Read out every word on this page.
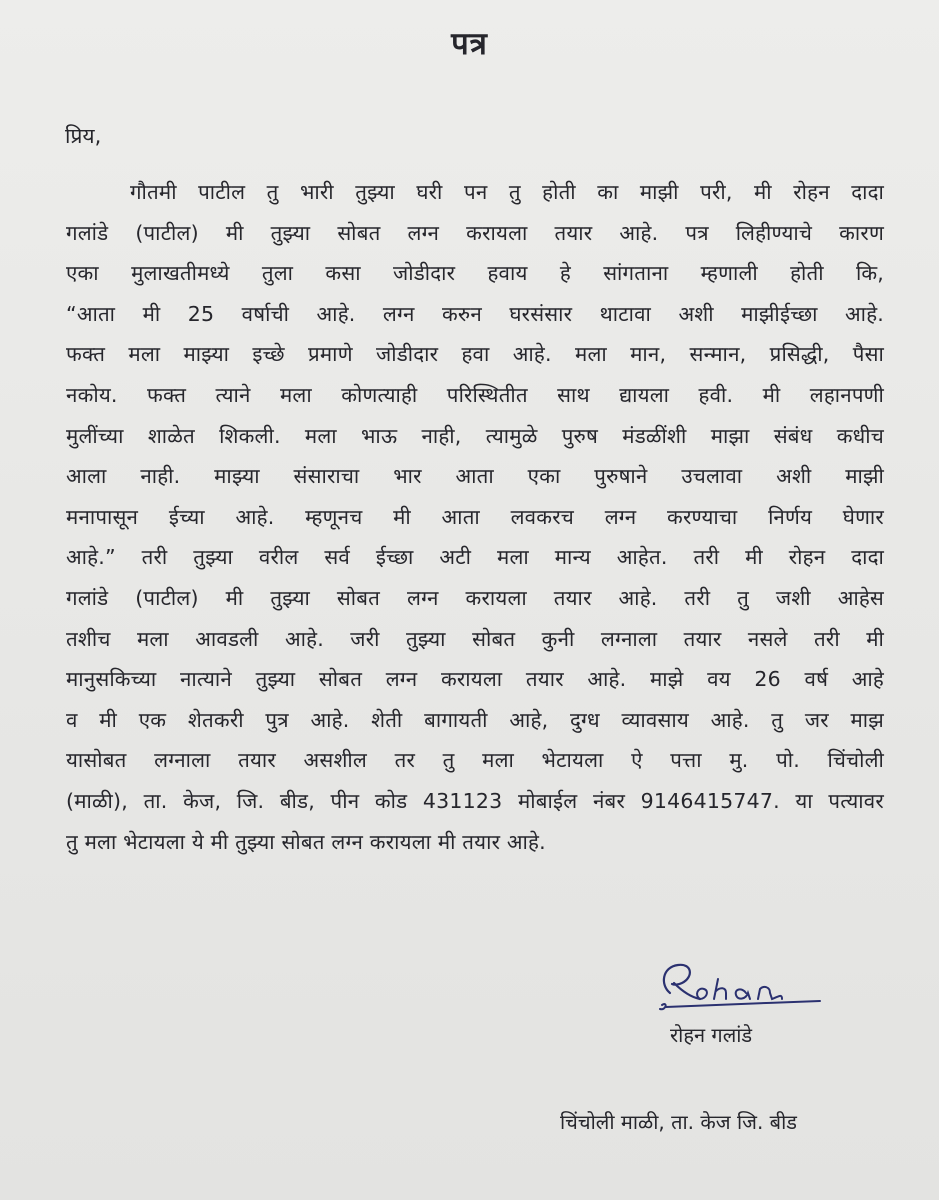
पत्र
प्रिय,
गौतमी पाटील तु भारी तुझ्या घरी पन तु होती का माझी परी, मी रोहन दादा
गलांडे (पाटील) मी तुझ्या सोबत लग्न करायला तयार आहे. पत्र लिहीण्याचे कारण
एका मुलाखतीमध्ये तुला कसा जोडीदार हवाय हे सांगताना म्हणाली होती कि,
“आता मी 25 वर्षाची आहे. लग्न करुन घरसंसार थाटावा अशी माझीईच्छा आहे.
फक्त मला माझ्या इच्छे प्रमाणे जोडीदार हवा आहे. मला मान, सन्मान, प्रसिद्धी, पैसा
नकोय. फक्त त्याने मला कोणत्याही परिस्थितीत साथ द्यायला हवी. मी लहानपणी
मुलींच्या शाळेत शिकली. मला भाऊ नाही, त्यामुळे पुरुष मंडळींशी माझा संबंध कधीच
आला नाही. माझ्या संसाराचा भार आता एका पुरुषाने उचलावा अशी माझी
मनापासून ईच्या आहे. म्हणूनच मी आता लवकरच लग्न करण्याचा निर्णय घेणार
आहे.” तरी तुझ्या वरील सर्व ईच्छा अटी मला मान्य आहेत. तरी मी रोहन दादा
गलांडे (पाटील) मी तुझ्या सोबत लग्न करायला तयार आहे. तरी तु जशी आहेस
तशीच मला आवडली आहे. जरी तुझ्या सोबत कुनी लग्नाला तयार नसले तरी मी
मानुसकिच्या नात्याने तुझ्या सोबत लग्न करायला तयार आहे. माझे वय 26 वर्ष आहे
व मी एक शेतकरी पुत्र आहे. शेती बागायती आहे, दुग्ध व्यावसाय आहे. तु जर माझ
यासोबत लग्नाला तयार असशील तर तु मला भेटायला ऐ पत्ता मु. पो. चिंचोली
(माळी), ता. केज, जि. बीड, पीन कोड 431123 मोबाईल नंबर 9146415747. या पत्यावर
तु मला भेटायला ये मी तुझ्या सोबत लग्न करायला मी तयार आहे.
रोहन गलांडे
चिंचोली माळी, ता. केज जि. बीड
